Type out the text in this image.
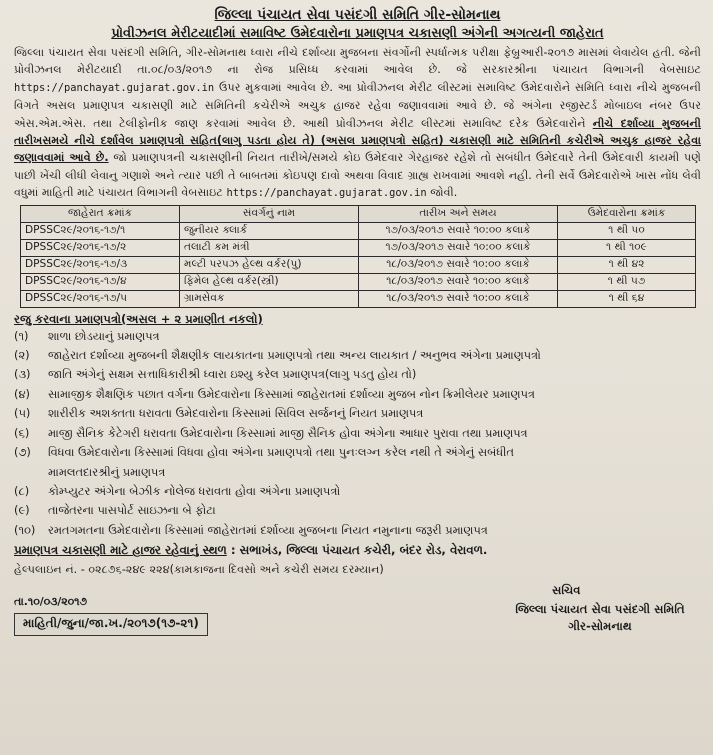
જિલ્લા પંચાયત સેવા પસંદગી સમિતિ ગીર-સોમનાથ
પ્રોવીઝનલ મેરીટયાદીમાં સમાવિષ્ટ ઉમેદવારોના પ્રમાણપત્ર ચકાસણી અંગેની અગત્યની જાહેરાત
જિલ્લા પંચાયત સેવા પસંદગી સમિતિ, ગીર-સોમનાથ ધ્વારા નીચે દર્શાવ્યા મુજબના સંવર્ગોની સ્પર્ધાત્મક પરીક્ષા ફેબ્રુઆરી-૨૦૧૭ માસમાં લેવાયેલ હતી. જેની પ્રોવીઝનલ મેરીટયાદી તા.૦૮/૦૩/૨૦૧૭ ના રોજ પ્રસિધ્ધ કરવામાં આવેલ છે. જે સરકારશ્રીના પંચાયત વિભાગની વેબસાઇટ https://panchayat.gujarat.gov.in ઉપર મુકવામાં આવેલ છે. આ પ્રોવીઝનલ મેરીટ લીસ્ટમાં સમાવિષ્ટ ઉમેદવારોને સમિતિ ધ્વારા નીચે મુજબની વિગતે અસલ પ્રમાણપત્ર ચકાસણી માટે સમિતિની કચેરીએ અચુક હાજર રહેવા જણાવવામાં આવે છે. જે અંગેના રજીસ્ટર્ડ મોબાઇલ નંબર ઉપર એસ.એમ.એસ. તથા ટેલીફોનીક જાણ કરવામાં આવેલ છે. આથી પ્રોવીઝનલ મેરીટ લીસ્ટમાં સમાવિષ્ટ દરેક ઉમેદવારોને નીચે દર્શાવ્યા મુજબની તારીખસમયે નીચે દર્શાવેલ પ્રમાણપત્રો સહિત(લાગુ પડતા હોય તે) (અસલ પ્રમાણપત્રો સહિત) ચકાસણી માટે સમિતિની કચેરીએ અચુક હાજર રહેવા જણાવવામાં આવે છે. જો પ્રમાણપત્રની ચકાસણીની નિયત તારીખે/સમયે કોઇ ઉમેદવાર ગેરહાજર રહેશે તો સબંધીત ઉમેદવારે તેની ઉમેદવારી કાયમી પણે પાછી ખેંચી લીધી લેવાનુ ગણાશે અને ત્યાર પછી તે બાબતમાં કોઇપણ દાવો અથવા વિવાદ ગ્રાહ્ય રાખવામાં આવશે નહી. તેની સર્વે ઉમેદવારોએ ખાસ નોંધ લેવી વધુમાં માહિતી માટે પંચાયત વિભાગની વેબસાઇટ https://panchayat.gujarat.gov.in જોવી.
જાહેરાત ક્રમાંક	સંવર્ગનું નામ	તારીખ અને સમય	ઉમેદવારોના ક્રમાંક
DPSSC૨૯/૨૦૧૬-૧૭/૧	જુનીયર ક્લાર્ક	૧૭/૦૩/૨૦૧૭ સવારે ૧૦:૦૦ કલાકે	૧ થી ૫૦
DPSSC૨૯/૨૦૧૬-૧૭/૨	તલાટી કમ મંત્રી	૧૭/૦૩/૨૦૧૭ સવારે ૧૦:૦૦ કલાકે	૧ થી ૧૦૯
DPSSC૨૯/૨૦૧૬-૧૭/૩	મલ્ટી પરપઝ હેલ્થ વર્કર(પુ)	૧૮/૦૩/૨૦૧૭ સવારે ૧૦:૦૦ કલાકે	૧ થી ૪૨
DPSSC૨૯/૨૦૧૬-૧૭/૪	ફિમેલ હેલ્થ વર્કર(સ્ત્રી)	૧૮/૦૩/૨૦૧૭ સવારે ૧૦:૦૦ કલાકે	૧ થી ૫૭
DPSSC૨૯/૨૦૧૬-૧૭/૫	ગ્રામસેવક	૧૮/૦૩/૨૦૧૭ સવારે ૧૦:૦૦ કલાકે	૧ થી ૬૪
રજુ કરવાના પ્રમાણપત્રો(અસલ + ૨ પ્રમાણીત નકલો)
(૧)	શાળા છોડયાનું પ્રમાણપત્ર
(૨)	જાહેરાત દર્શાવ્યા મુજબની શૈક્ષણીક લાયકાતના પ્રમાણપત્રો તથા અન્ય લાયકાત / અનુભવ અંગેના પ્રમાણપત્રો
(૩)	જાતિ અંગેનું સક્ષમ સત્તાધિકારીશ્રી ધ્વારા ઇશ્યુ કરેલ પ્રમાણપત્ર(લાગુ પડતુ હોય તો)
(૪)	સામાજીક શૈક્ષણિક પછાત વર્ગના ઉમેદવારોના કિસ્સામાં જાહેરાતમાં દર્શાવ્યા મુજબ નોન ક્રિમીલેયર પ્રમાણપત્ર
(૫)	શારીરીક અશક્તતા ધરાવતા ઉમેદવારોના કિસ્સામાં સિવિલ સર્જનનું નિયત પ્રમાણપત્ર
(૬)	માજી સૈનિક કેટેગરી ધરાવતા ઉમેદવારોના કિસ્સામાં માજી સૈનિક હોવા અંગેના આધાર પુરાવા તથા પ્રમાણપત્ર
(૭)	વિધવા ઉમેદવારોના કિસ્સામાં વિધવા હોવા અંગેના પ્રમાણપત્રો તથા પુનઃલગ્ન કરેલ નથી તે અંગેનું સબંધીત
મામલતદારશ્રીનું પ્રમાણપત્ર
(૮)	કોમ્પ્યુટર અંગેના બેઝીક નોલેજ ધરાવતા હોવા અંગેના પ્રમાણપત્રો
(૯)	તાજેતરના પાસપોર્ટ સાઇઝના બે ફોટા
(૧૦)	રમતગમતના ઉમેદવારોના કિસ્સામાં જાહેરાતમાં દર્શાવ્યા મુજબના નિયત નમુનાના જરૂરી પ્રમાણપત્ર
પ્રમાણપત્ર ચકાસણી માટે હાજર રહેવાનું સ્થળ : સભાખંડ, જિલ્લા પંચાયત કચેરી, બંદર રોડ, વેરાવળ.
હેલ્પલાઇન નં. - ૦૨૮૭૬-૨૪૯ ૨૨૪(કામકાજના દિવસો અને કચેરી સમય દરમ્યાન)
સચિવ
જિલ્લા પંચાયત સેવા પસંદગી સમિતિ
ગીર-સોમનાથ
તા.૧૦/૦૩/૨૦૧૭
માહિતી/જુના/જા.ખ./૨૦૧૭(૧૭-૨૧)
